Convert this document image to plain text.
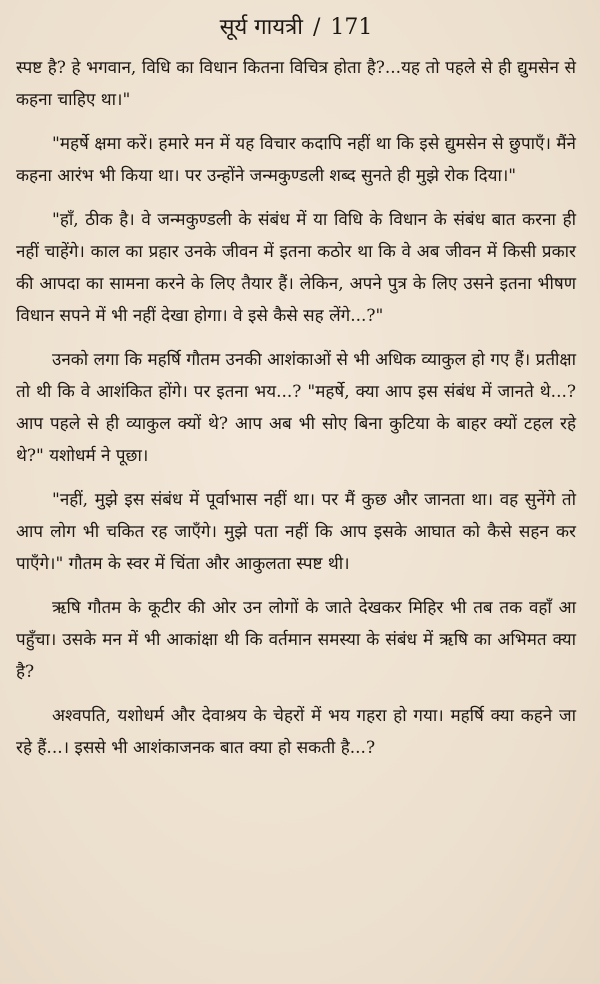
सूर्य गायत्री / 171

स्पष्ट है? हे भगवान, विधि का विधान कितना विचित्र होता है?...यह तो पहले से ही द्युमसेन से कहना चाहिए था।"

"महर्षे क्षमा करें। हमारे मन में यह विचार कदापि नहीं था कि इसे द्युमसेन से छुपाएँ। मैंने कहना आरंभ भी किया था। पर उन्होंने जन्मकुण्डली शब्द सुनते ही मुझे रोक दिया।"

"हाँ, ठीक है। वे जन्मकुण्डली के संबंध में या विधि के विधान के संबंध बात करना ही नहीं चाहेंगे। काल का प्रहार उनके जीवन में इतना कठोर था कि वे अब जीवन में किसी प्रकार की आपदा का सामना करने के लिए तैयार हैं। लेकिन, अपने पुत्र के लिए उसने इतना भीषण विधान सपने में भी नहीं देखा होगा। वे इसे कैसे सह लेंगे...?"

उनको लगा कि महर्षि गौतम उनकी आशंकाओं से भी अधिक व्याकुल हो गए हैं। प्रतीक्षा तो थी कि वे आशंकित होंगे। पर इतना भय...? "महर्षे, क्या आप इस संबंध में जानते थे...? आप पहले से ही व्याकुल क्यों थे? आप अब भी सोए बिना कुटिया के बाहर क्यों टहल रहे थे?" यशोधर्म ने पूछा।

"नहीं, मुझे इस संबंध में पूर्वाभास नहीं था। पर मैं कुछ और जानता था। वह सुनेंगे तो आप लोग भी चकित रह जाएँगे। मुझे पता नहीं कि आप इसके आघात को कैसे सहन कर पाएँगे।" गौतम के स्वर में चिंता और आकुलता स्पष्ट थी।

ऋषि गौतम के कूटीर की ओर उन लोगों के जाते देखकर मिहिर भी तब तक वहाँ आ पहुँचा। उसके मन में भी आकांक्षा थी कि वर्तमान समस्या के संबंध में ऋषि का अभिमत क्या है?

अश्वपति, यशोधर्म और देवाश्रय के चेहरों में भय गहरा हो गया। महर्षि क्या कहने जा रहे हैं...। इससे भी आशंकाजनक बात क्या हो सकती है...?
